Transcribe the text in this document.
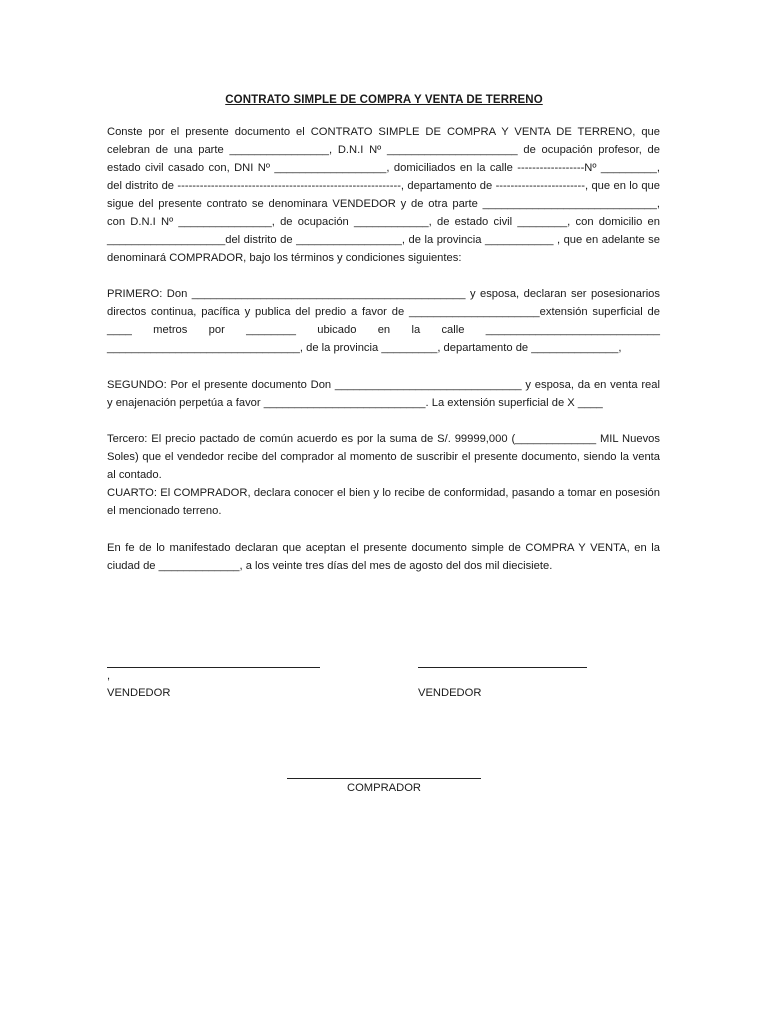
CONTRATO SIMPLE DE COMPRA Y VENTA DE TERRENO

Conste por el presente documento el CONTRATO SIMPLE DE COMPRA Y VENTA DE TERRENO, que celebran de una parte ________________, D.N.I Nº _____________________ de ocupación profesor, de estado civil casado con, DNI Nº __________________, domiciliados en la calle ------------------Nº _________, del distrito de ------------------------------------------------------------, departamento de ------------------------, que en lo que sigue del presente contrato se denominara VENDEDOR y de otra parte ____________________________, con D.N.I Nº _______________, de ocupación ____________, de estado civil ________, con domicilio en ___________________del distrito de _________________, de la provincia ___________ , que en adelante se denominará COMPRADOR, bajo los términos y condiciones siguientes:

PRIMERO: Don ____________________________________________ y esposa, declaran ser posesionarios directos continua, pacífica y publica del predio a favor de _____________________extensión superficial de ____ metros por ________ ubicado en la calle ____________________________ _______________________________, de la provincia _________, departamento de ______________,

SEGUNDO: Por el presente documento Don ______________________________ y esposa, da en venta real y enajenación perpetúa a favor __________________________. La extensión superficial de X ____

Tercero: El precio pactado de común acuerdo es por la suma de S/. 99999,000 (_____________ MIL Nuevos Soles) que el vendedor recibe del comprador al momento de suscribir el presente documento, siendo la venta al contado.

CUARTO: El COMPRADOR, declara conocer el bien y lo recibe de conformidad, pasando a tomar en posesión el mencionado terreno.

En fe de lo manifestado declaran que aceptan el presente documento simple de COMPRA Y VENTA, en la ciudad de _____________, a los veinte tres días del mes de agosto del dos mil diecisiete.

,
VENDEDOR	VENDEDOR
COMPRADOR
